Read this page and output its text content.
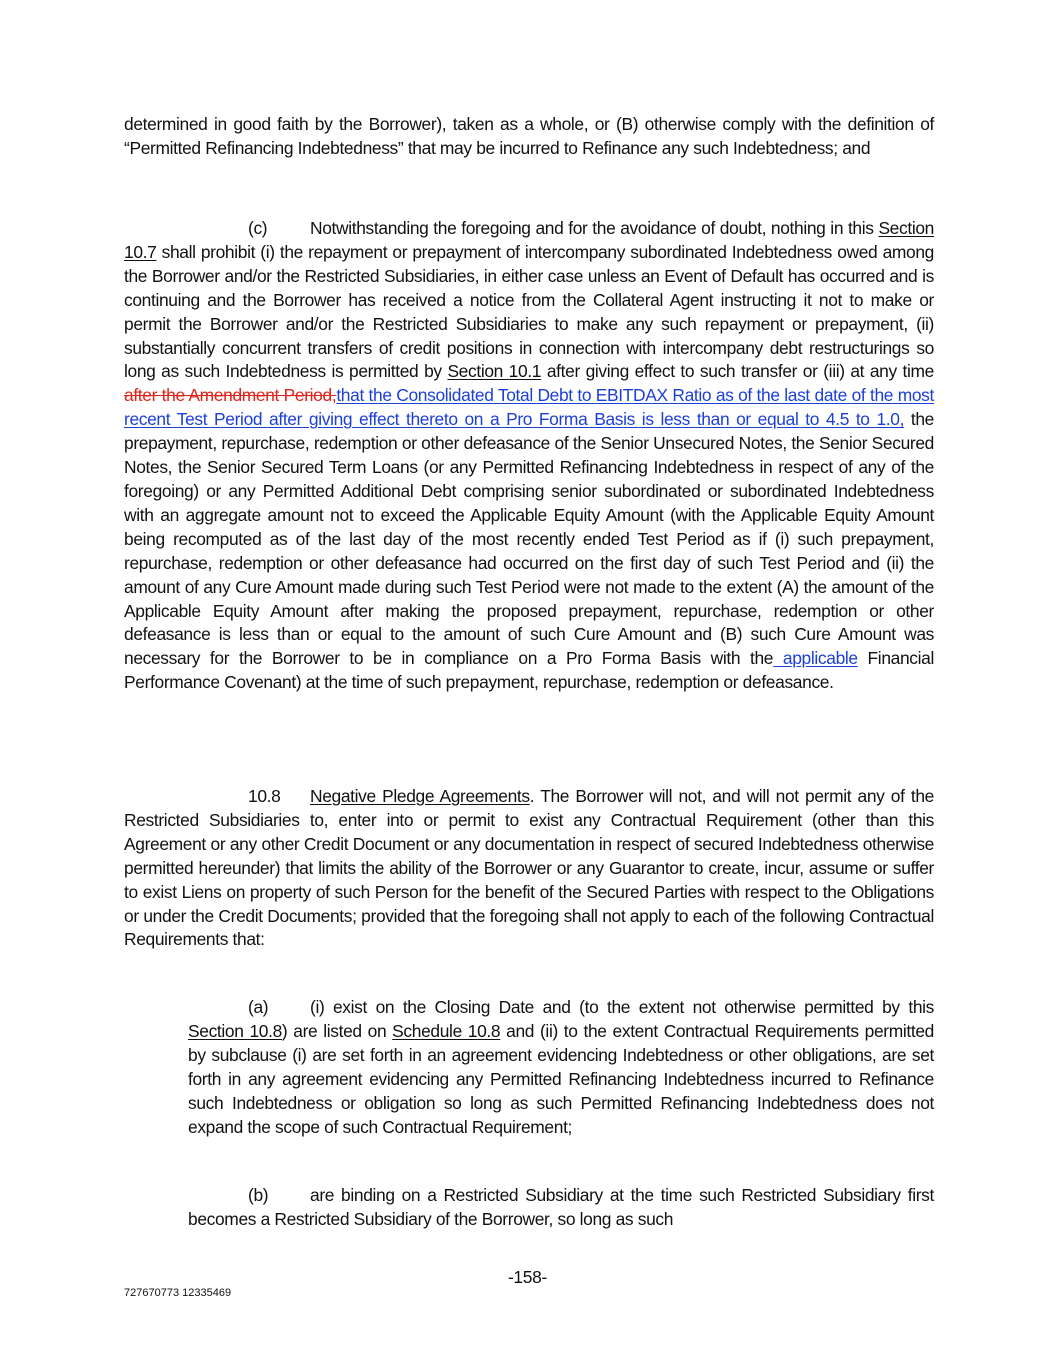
determined in good faith by the Borrower), taken as a whole, or (B) otherwise comply with the definition of “Permitted Refinancing Indebtedness” that may be incurred to Refinance any such Indebtedness; and

(c) Notwithstanding the foregoing and for the avoidance of doubt, nothing in this Section 10.7 shall prohibit (i) the repayment or prepayment of intercompany subordinated Indebtedness owed among the Borrower and/or the Restricted Subsidiaries, in either case unless an Event of Default has occurred and is continuing and the Borrower has received a notice from the Collateral Agent instructing it not to make or permit the Borrower and/or the Restricted Subsidiaries to make any such repayment or prepayment, (ii) substantially concurrent transfers of credit positions in connection with intercompany debt restructurings so long as such Indebtedness is permitted by Section 10.1 after giving effect to such transfer or (iii) at any time after the Amendment Period,that the Consolidated Total Debt to EBITDAX Ratio as of the last date of the most recent Test Period after giving effect thereto on a Pro Forma Basis is less than or equal to 4.5 to 1.0, the prepayment, repurchase, redemption or other defeasance of the Senior Unsecured Notes, the Senior Secured Notes, the Senior Secured Term Loans (or any Permitted Refinancing Indebtedness in respect of any of the foregoing) or any Permitted Additional Debt comprising senior subordinated or subordinated Indebtedness with an aggregate amount not to exceed the Applicable Equity Amount (with the Applicable Equity Amount being recomputed as of the last day of the most recently ended Test Period as if (i) such prepayment, repurchase, redemption or other defeasance had occurred on the first day of such Test Period and (ii) the amount of any Cure Amount made during such Test Period were not made to the extent (A) the amount of the Applicable Equity Amount after making the proposed prepayment, repurchase, redemption or other defeasance is less than or equal to the amount of such Cure Amount and (B) such Cure Amount was necessary for the Borrower to be in compliance on a Pro Forma Basis with the applicable Financial Performance Covenant) at the time of such prepayment, repurchase, redemption or defeasance.

10.8 Negative Pledge Agreements. The Borrower will not, and will not permit any of the Restricted Subsidiaries to, enter into or permit to exist any Contractual Requirement (other than this Agreement or any other Credit Document or any documentation in respect of secured Indebtedness otherwise permitted hereunder) that limits the ability of the Borrower or any Guarantor to create, incur, assume or suffer to exist Liens on property of such Person for the benefit of the Secured Parties with respect to the Obligations or under the Credit Documents; provided that the foregoing shall not apply to each of the following Contractual Requirements that:

(a) (i) exist on the Closing Date and (to the extent not otherwise permitted by this Section 10.8) are listed on Schedule 10.8 and (ii) to the extent Contractual Requirements permitted by subclause (i) are set forth in an agreement evidencing Indebtedness or other obligations, are set forth in any agreement evidencing any Permitted Refinancing Indebtedness incurred to Refinance such Indebtedness or obligation so long as such Permitted Refinancing Indebtedness does not expand the scope of such Contractual Requirement;

(b) are binding on a Restricted Subsidiary at the time such Restricted Subsidiary first becomes a Restricted Subsidiary of the Borrower, so long as such

-158-
727670773 12335469
